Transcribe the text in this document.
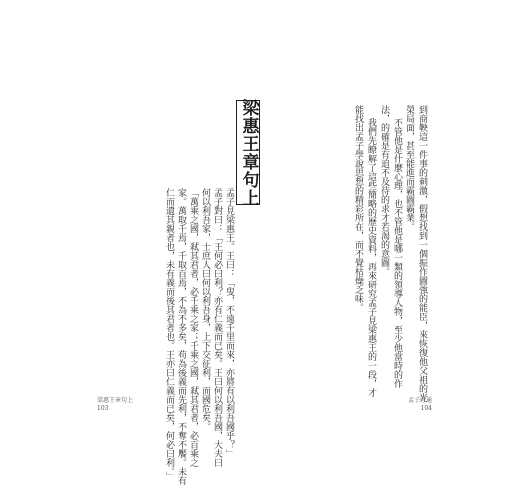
到商鞅這一件事的刺激，假想找到一個振作圖強的能臣，來恢復他父祖的光
榮局面，甚至能進而霸圖霸業。
不管他是什麼心理，也不管他是哪一類的領導人物，至少他當時的作
法，的確是有追不及待的求才若渴的意圖。
我們先瞭解了這些簡略的歷史資料，再來研究孟子見梁惠王的一段，才
能找出孟子學說思想的精彩所在，而不覺枯燥乏味。
孟子旁通
104
梁惠王章句上
孟子見梁惠王。王曰：「叟，不遠千里而來，亦將有以利吾國乎？」
孟子對曰：「王何必曰利？亦有仁義而已矣。王曰何以利吾國，大夫曰
何以利吾家，士庶人曰何以利吾身，上下交征利，而國危矣。
「萬乘之國，弒其君者，必千乘之家；千乘之國，弒其君者，必百乘之
家。萬取千焉，千取百焉，不為不多矣，苟為後義而先利，不奪不饜。未有
仁而遺其親者也，未有義而後其君者也。王亦曰仁義而已矣，何必曰利。」
梁惠王章句上
103
